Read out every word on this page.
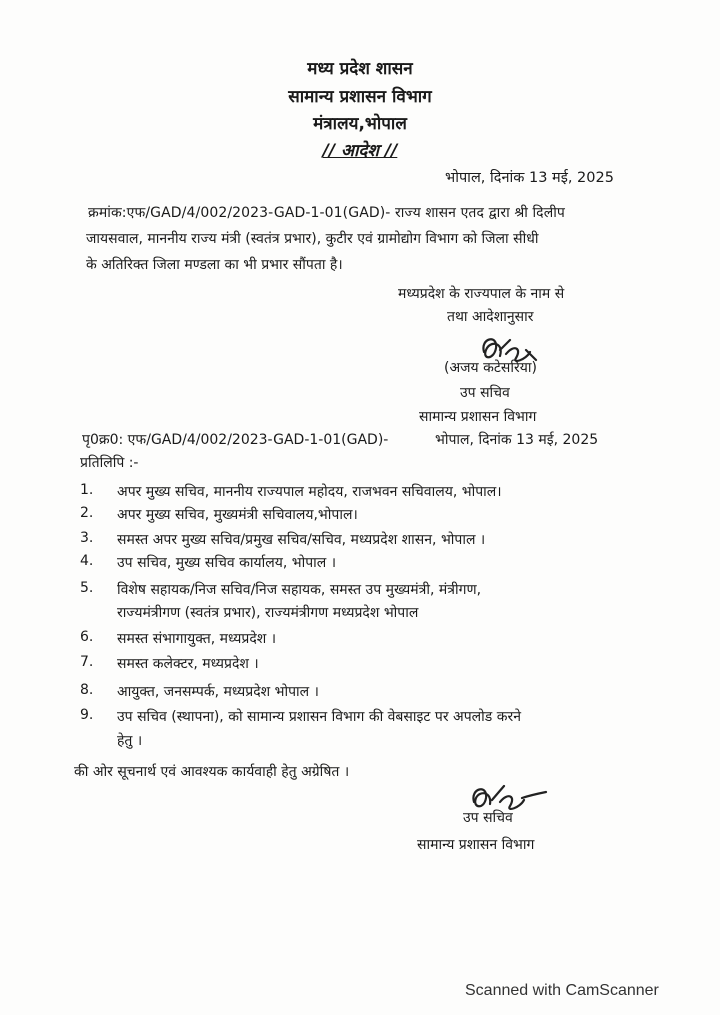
मध्य प्रदेश शासन
सामान्य प्रशासन विभाग
मंत्रालय,भोपाल
// आदेश //
भोपाल, दिनांक 13 मई, 2025
क्रमांक:एफ/GAD/4/002/2023-GAD-1-01(GAD)- राज्य शासन एतद द्वारा श्री दिलीप
जायसवाल, माननीय राज्य मंत्री (स्वतंत्र प्रभार), कुटीर एवं ग्रामोद्योग विभाग को जिला सीधी
के अतिरिक्त जिला मण्डला का भी प्रभार सौंपता है।
मध्यप्रदेश के राज्यपाल के नाम से
तथा आदेशानुसार
(अजय कटेसरिया)
उप सचिव
सामान्य प्रशासन विभाग
पृ0क्र0: एफ/GAD/4/002/2023-GAD-1-01(GAD)-	भोपाल, दिनांक 13 मई, 2025
प्रतिलिपि :-
1. अपर मुख्य सचिव, माननीय राज्यपाल महोदय, राजभवन सचिवालय, भोपाल।
2. अपर मुख्य सचिव, मुख्यमंत्री सचिवालय,भोपाल।
3. समस्त अपर मुख्य सचिव/प्रमुख सचिव/सचिव, मध्यप्रदेश शासन, भोपाल ।
4. उप सचिव, मुख्य सचिव कार्यालय, भोपाल ।
5. विशेष सहायक/निज सचिव/निज सहायक, समस्त उप मुख्यमंत्री, मंत्रीगण,
राज्यमंत्रीगण (स्वतंत्र प्रभार), राज्यमंत्रीगण मध्यप्रदेश भोपाल
6. समस्त संभागायुक्त, मध्यप्रदेश ।
7. समस्त कलेक्टर, मध्यप्रदेश ।
8. आयुक्त, जनसम्पर्क, मध्यप्रदेश भोपाल ।
9. उप सचिव (स्थापना), को सामान्य प्रशासन विभाग की वेबसाइट पर अपलोड करने
हेतु ।
की ओर सूचनार्थ एवं आवश्यक कार्यवाही हेतु अग्रेषित ।
उप सचिव
सामान्य प्रशासन विभाग
Scanned with CamScanner
